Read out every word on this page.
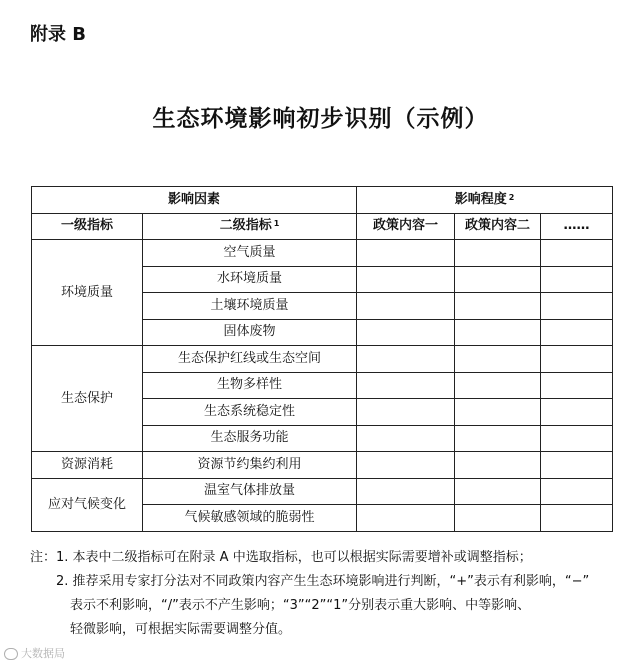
附录 B
生态环境影响初步识别（示例）
影响因素		影响程度 $^2$
一级指标	二级指标 $^1$	政策内容一	政策内容二	……
环境质量	空气质量			
	水环境质量			
	土壤环境质量			
	固体废物			
生态保护	生态保护红线或生态空间			
	生物多样性			
	生态系统稳定性			
	生态服务功能			
资源消耗	资源节约集约利用			
应对气候变化	温室气体排放量			
	气候敏感领域的脆弱性			
注：1. 本表中二级指标可在附录 A 中选取指标，也可以根据实际需要增补或调整指标；
2. 推荐采用专家打分法对不同政策内容产生生态环境影响进行判断，“+”表示有利影响，“−”
表示不利影响，“/”表示不产生影响；“3”“2”“1”分别表示重大影响、中等影响、
轻微影响，可根据实际需要调整分值。
大数据局
